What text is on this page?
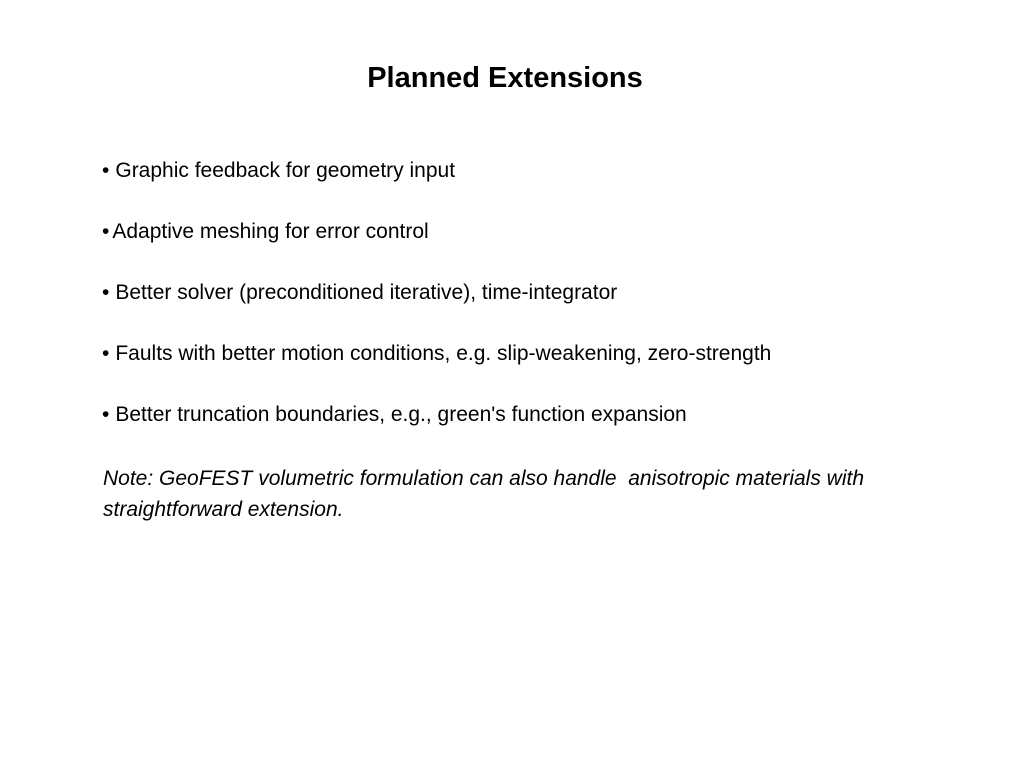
Planned Extensions
• Graphic feedback for geometry input
• Adaptive meshing for error control
• Better solver (preconditioned iterative), time-integrator
• Faults with better motion conditions, e.g. slip-weakening, zero-strength
• Better truncation boundaries, e.g., green's function expansion

Note: GeoFEST volumetric formulation can also handle  anisotropic materials with straightforward extension.
